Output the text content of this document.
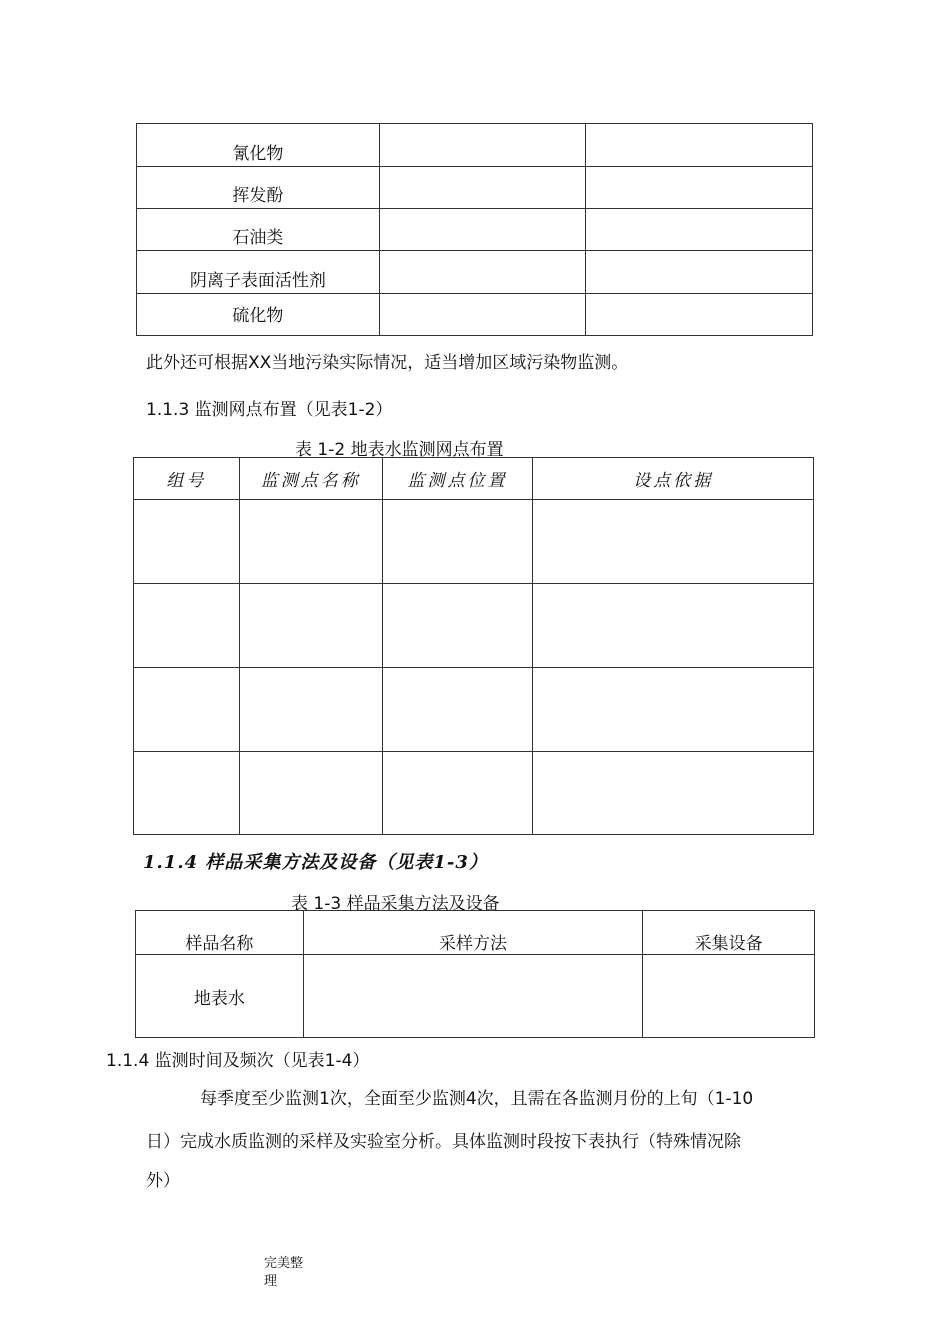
氰化物		
挥发酚		
石油类		
阴离子表面活性剂		
硫化物		
此外还可根据XX当地污染实际情况，适当增加区域污染物监测。
1.1.3 监测网点布置（见表1-2）
表 1-2 地表水监测网点布置
组号	监测点名称	监测点位置	设点依据

1.1.4 样品采集方法及设备（见表1-3）
表 1-3 样品采集方法及设备
样品名称	采样方法	采集设备
地表水		
1.1.4 监测时间及频次（见表1-4）
每季度至少监测1次，全面至少监测4次，且需在各监测月份的上旬（1-10
日）完成水质监测的采样及实验室分析。具体监测时段按下表执行（特殊情况除
外）
完美整
理
